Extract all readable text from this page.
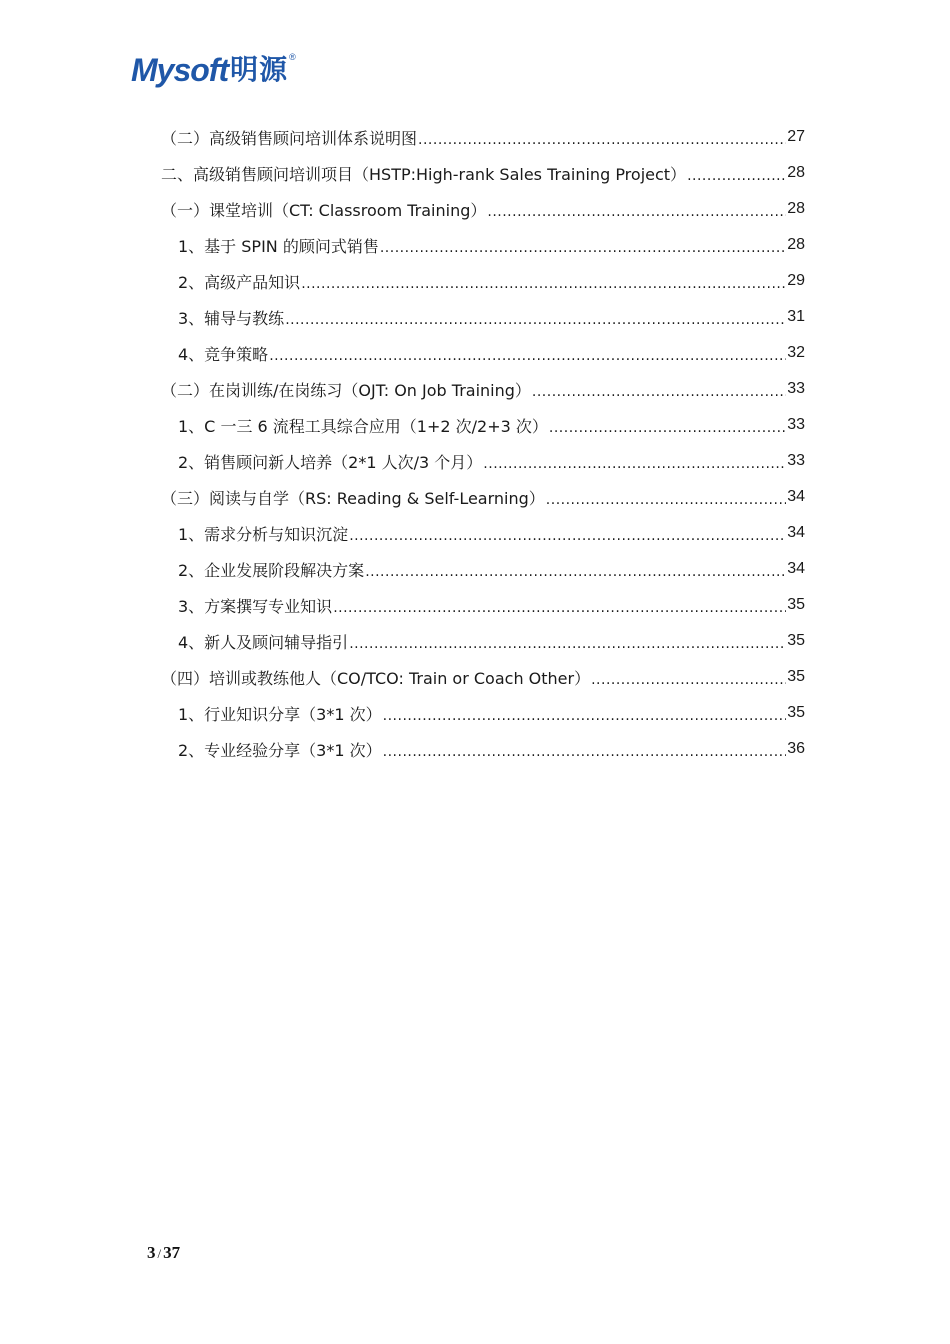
Mysoft 明源 ®
（二）高级销售顾问培训体系说明图 .....	27
二、高级销售顾问培训项目（HSTP:High-rank Sales Training Project） .....	28
（一）课堂培训（CT: Classroom Training） .....	28
1、基于 SPIN 的顾问式销售 .....	28
2、高级产品知识 .....	29
3、辅导与教练 .....	31
4、竞争策略 .....	32
（二）在岗训练/在岗练习（OJT: On Job Training） .....	33
1、C 一三 6 流程工具综合应用（1+2 次/2+3 次） .....	33
2、销售顾问新人培养（2*1 人次/3 个月） .....	33
（三）阅读与自学（RS: Reading & Self-Learning） .....	34
1、需求分析与知识沉淀 .....	34
2、企业发展阶段解决方案 .....	34
3、方案撰写专业知识 .....	35
4、新人及顾问辅导指引 .....	35
（四）培训或教练他人（CO/TCO: Train or Coach Other） .....	35
1、行业知识分享（3*1 次） .....	35
2、专业经验分享（3*1 次） .....	36
3 / 37
